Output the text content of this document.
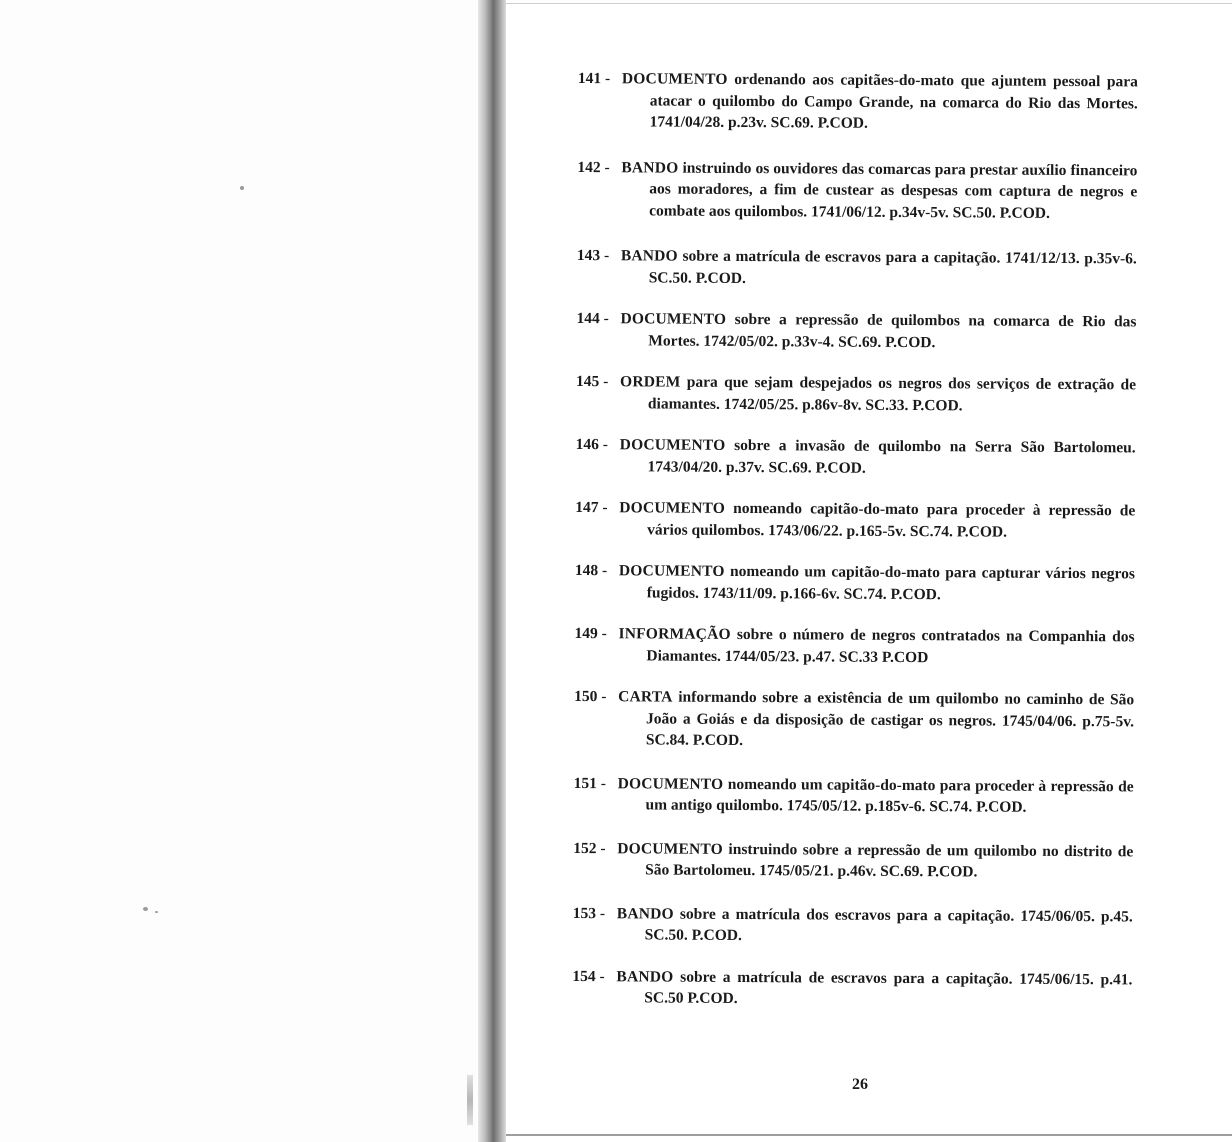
141 - DOCUMENTO ordenando aos capitães-do-mato que ajuntem pessoal para atacar o quilombo do Campo Grande, na comarca do Rio das Mortes. 1741/04/28. p.23v. SC.69. P.COD.

142 - BANDO instruindo os ouvidores das comarcas para prestar auxílio financeiro aos moradores, a fim de custear as despesas com captura de negros e combate aos quilombos. 1741/06/12. p.34v-5v. SC.50. P.COD.

143 - BANDO sobre a matrícula de escravos para a capitação. 1741/12/13. p.35v-6. SC.50. P.COD.

144 - DOCUMENTO sobre a repressão de quilombos na comarca de Rio das Mortes. 1742/05/02. p.33v-4. SC.69. P.COD.

145 - ORDEM para que sejam despejados os negros dos serviços de extração de diamantes. 1742/05/25. p.86v-8v. SC.33. P.COD.

146 - DOCUMENTO sobre a invasão de quilombo na Serra São Bartolomeu. 1743/04/20. p.37v. SC.69. P.COD.

147 - DOCUMENTO nomeando capitão-do-mato para proceder à repressão de vários quilombos. 1743/06/22. p.165-5v. SC.74. P.COD.

148 - DOCUMENTO nomeando um capitão-do-mato para capturar vários negros fugidos. 1743/11/09. p.166-6v. SC.74. P.COD.

149 - INFORMAÇÃO sobre o número de negros contratados na Companhia dos Diamantes. 1744/05/23. p.47. SC.33 P.COD

150 - CARTA informando sobre a existência de um quilombo no caminho de São João a Goiás e da disposição de castigar os negros. 1745/04/06. p.75-5v. SC.84. P.COD.

151 - DOCUMENTO nomeando um capitão-do-mato para proceder à repressão de um antigo quilombo. 1745/05/12. p.185v-6. SC.74. P.COD.

152 - DOCUMENTO instruindo sobre a repressão de um quilombo no distrito de São Bartolomeu. 1745/05/21. p.46v. SC.69. P.COD.

153 - BANDO sobre a matrícula dos escravos para a capitação. 1745/06/05. p.45. SC.50. P.COD.

154 - BANDO sobre a matrícula de escravos para a capitação. 1745/06/15. p.41. SC.50 P.COD.

26
